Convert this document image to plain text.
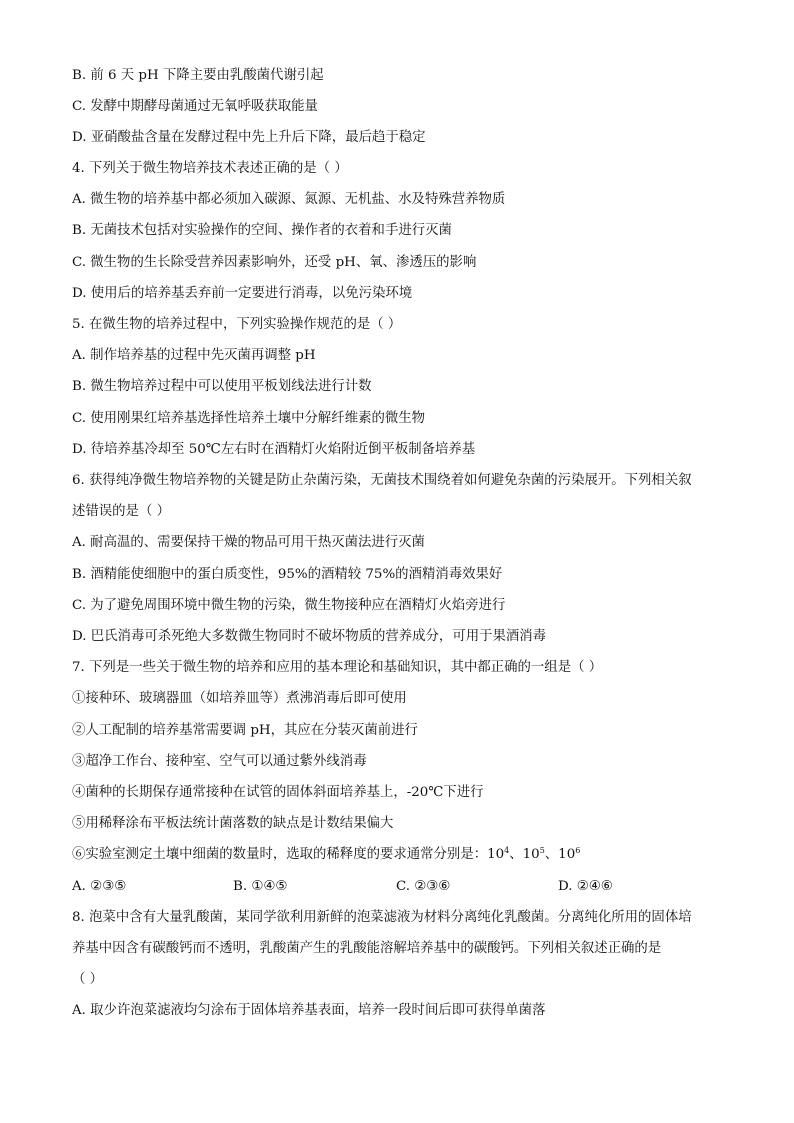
B. 前 6 天 pH 下降主要由乳酸菌代谢引起
C. 发酵中期酵母菌通过无氧呼吸获取能量
D. 亚硝酸盐含量在发酵过程中先上升后下降，最后趋于稳定
4. 下列关于微生物培养技术表述正确的是（ ）
A. 微生物的培养基中都必须加入碳源、氮源、无机盐、水及特殊营养物质
B. 无菌技术包括对实验操作的空间、操作者的衣着和手进行灭菌
C. 微生物的生长除受营养因素影响外，还受 pH、氧、渗透压的影响
D. 使用后的培养基丢弃前一定要进行消毒，以免污染环境
5. 在微生物的培养过程中，下列实验操作规范的是（ ）
A. 制作培养基的过程中先灭菌再调整 pH
B. 微生物培养过程中可以使用平板划线法进行计数
C. 使用刚果红培养基选择性培养土壤中分解纤维素的微生物
D. 待培养基冷却至 50℃左右时在酒精灯火焰附近倒平板制备培养基
6. 获得纯净微生物培养物的关键是防止杂菌污染，无菌技术围绕着如何避免杂菌的污染展开。下列相关叙
述错误的是（ ）
A. 耐高温的、需要保持干燥的物品可用干热灭菌法进行灭菌
B. 酒精能使细胞中的蛋白质变性，95%的酒精较 75%的酒精消毒效果好
C. 为了避免周围环境中微生物的污染，微生物接种应在酒精灯火焰旁进行
D. 巴氏消毒可杀死绝大多数微生物同时不破坏物质的营养成分，可用于果酒消毒
7. 下列是一些关于微生物的培养和应用的基本理论和基础知识，其中都正确的一组是（ ）
①接种环、玻璃器皿（如培养皿等）煮沸消毒后即可使用
②人工配制的培养基常需要调 pH，其应在分装灭菌前进行
③超净工作台、接种室、空气可以通过紫外线消毒
④菌种的长期保存通常接种在试管的固体斜面培养基上，-20℃下进行
⑤用稀释涂布平板法统计菌落数的缺点是计数结果偏大
⑥实验室测定土壤中细菌的数量时，选取的稀释度的要求通常分别是：$10^4$、$10^5$、$10^6$
A. ②③⑤	B. ①④⑤	C. ②③⑥	D. ②④⑥
8. 泡菜中含有大量乳酸菌，某同学欲利用新鲜的泡菜滤液为材料分离纯化乳酸菌。分离纯化所用的固体培
养基中因含有碳酸钙而不透明，乳酸菌产生的乳酸能溶解培养基中的碳酸钙。下列相关叙述正确的是
（ ）
A. 取少许泡菜滤液均匀涂布于固体培养基表面，培养一段时间后即可获得单菌落
